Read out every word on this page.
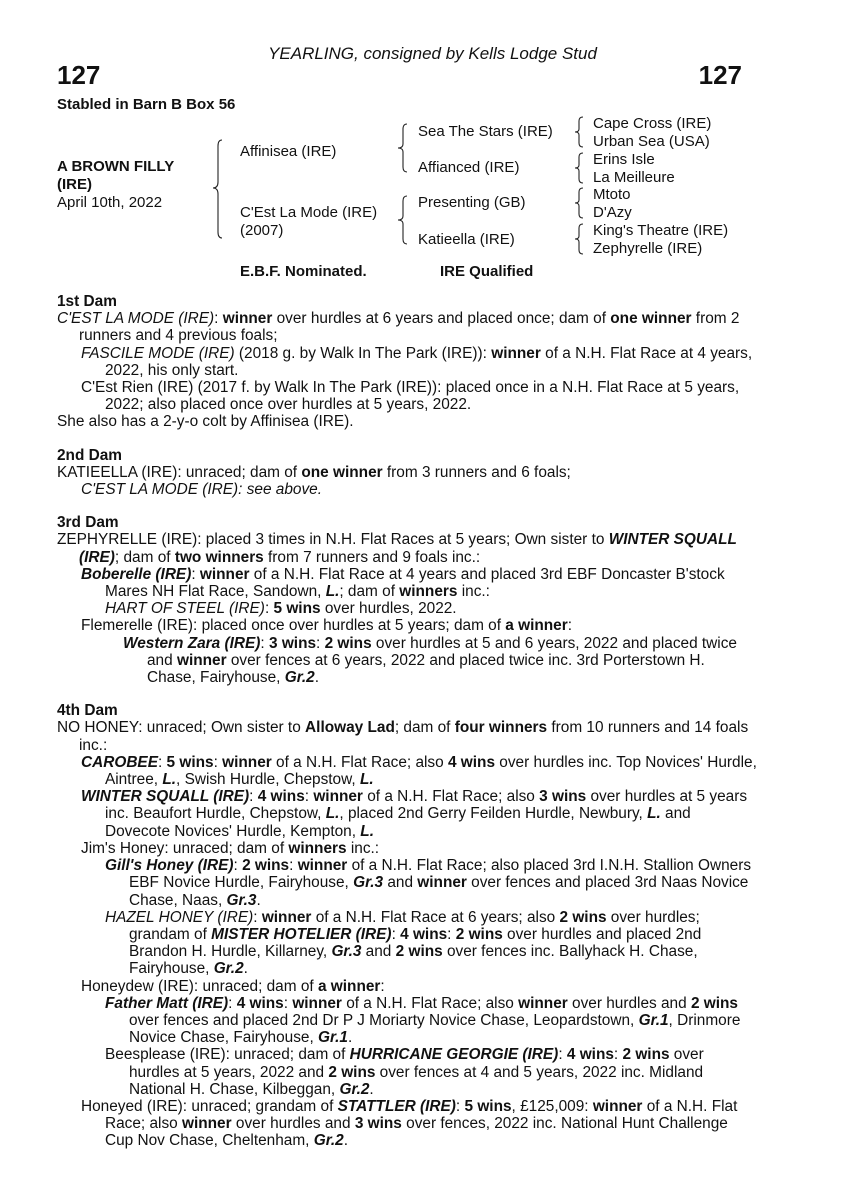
YEARLING, consigned by Kells Lodge Stud
127	127
Stabled in Barn B Box 56
A BROWN FILLY
(IRE)
April 10th, 2022
Affinisea (IRE)
C'Est La Mode (IRE)
(2007)
Sea The Stars (IRE)
Affianced (IRE)
Presenting (GB)
Katieella (IRE)
Cape Cross (IRE)
Urban Sea (USA)
Erins Isle
La Meilleure
Mtoto
D'Azy
King's Theatre (IRE)
Zephyrelle (IRE)
E.B.F. Nominated.	IRE Qualified

1st Dam

C'EST LA MODE (IRE): winner over hurdles at 6 years and placed once; dam of one winner from 2 runners and 4 previous foals;

FASCILE MODE (IRE) (2018 g. by Walk In The Park (IRE)): winner of a N.H. Flat Race at 4 years, 2022, his only start.

C'Est Rien (IRE) (2017 f. by Walk In The Park (IRE)): placed once in a N.H. Flat Race at 5 years, 2022; also placed once over hurdles at 5 years, 2022.

She also has a 2-y-o colt by Affinisea (IRE).

2nd Dam

KATIEELLA (IRE): unraced; dam of one winner from 3 runners and 6 foals;

C'EST LA MODE (IRE): see above.

3rd Dam

ZEPHYRELLE (IRE): placed 3 times in N.H. Flat Races at 5 years; Own sister to WINTER SQUALL (IRE); dam of two winners from 7 runners and 9 foals inc.:

Boberelle (IRE): winner of a N.H. Flat Race at 4 years and placed 3rd EBF Doncaster B'stock Mares NH Flat Race, Sandown, L.; dam of winners inc.:

HART OF STEEL (IRE): 5 wins over hurdles, 2022.

Flemerelle (IRE): placed once over hurdles at 5 years; dam of a winner:

Western Zara (IRE): 3 wins: 2 wins over hurdles at 5 and 6 years, 2022 and placed twice and winner over fences at 6 years, 2022 and placed twice inc. 3rd Porterstown H. Chase, Fairyhouse, Gr.2.

4th Dam

NO HONEY: unraced; Own sister to Alloway Lad; dam of four winners from 10 runners and 14 foals inc.:

CAROBEE: 5 wins: winner of a N.H. Flat Race; also 4 wins over hurdles inc. Top Novices' Hurdle, Aintree, L., Swish Hurdle, Chepstow, L.

WINTER SQUALL (IRE): 4 wins: winner of a N.H. Flat Race; also 3 wins over hurdles at 5 years inc. Beaufort Hurdle, Chepstow, L., placed 2nd Gerry Feilden Hurdle, Newbury, L. and Dovecote Novices' Hurdle, Kempton, L.

Jim's Honey: unraced; dam of winners inc.:

Gill's Honey (IRE): 2 wins: winner of a N.H. Flat Race; also placed 3rd I.N.H. Stallion Owners EBF Novice Hurdle, Fairyhouse, Gr.3 and winner over fences and placed 3rd Naas Novice Chase, Naas, Gr.3.

HAZEL HONEY (IRE): winner of a N.H. Flat Race at 6 years; also 2 wins over hurdles; grandam of MISTER HOTELIER (IRE): 4 wins: 2 wins over hurdles and placed 2nd Brandon H. Hurdle, Killarney, Gr.3 and 2 wins over fences inc. Ballyhack H. Chase, Fairyhouse, Gr.2.

Honeydew (IRE): unraced; dam of a winner:

Father Matt (IRE): 4 wins: winner of a N.H. Flat Race; also winner over hurdles and 2 wins over fences and placed 2nd Dr P J Moriarty Novice Chase, Leopardstown, Gr.1, Drinmore Novice Chase, Fairyhouse, Gr.1.

Beesplease (IRE): unraced; dam of HURRICANE GEORGIE (IRE): 4 wins: 2 wins over hurdles at 5 years, 2022 and 2 wins over fences at 4 and 5 years, 2022 inc. Midland National H. Chase, Kilbeggan, Gr.2.

Honeyed (IRE): unraced; grandam of STATTLER (IRE): 5 wins, £125,009: winner of a N.H. Flat Race; also winner over hurdles and 3 wins over fences, 2022 inc. National Hunt Challenge Cup Nov Chase, Cheltenham, Gr.2.
